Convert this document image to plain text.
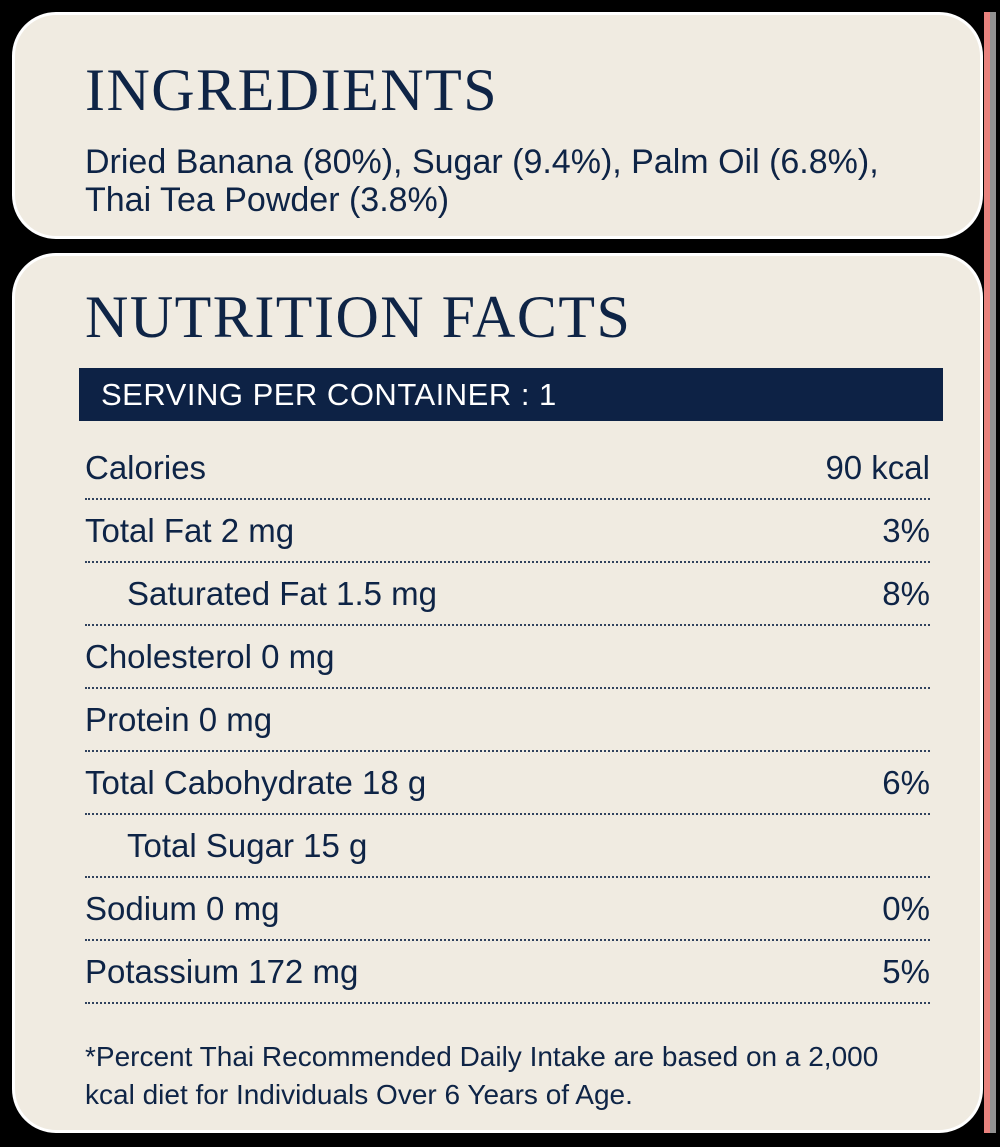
INGREDIENTS

Dried Banana (80%), Sugar (9.4%), Palm Oil (6.8%), Thai Tea Powder (3.8%)

NUTRITION FACTS
SERVING PER CONTAINER : 1
Calories	90 kcal
Total Fat 2 mg	3%
Saturated Fat 1.5 mg	8%
Cholesterol 0 mg
Protein 0 mg
Total Cabohydrate 18 g	6%
Total Sugar 15 g
Sodium 0 mg	0%
Potassium 172 mg	5%

*Percent Thai Recommended Daily Intake are based on a 2,000 kcal diet for Individuals Over 6 Years of Age.
